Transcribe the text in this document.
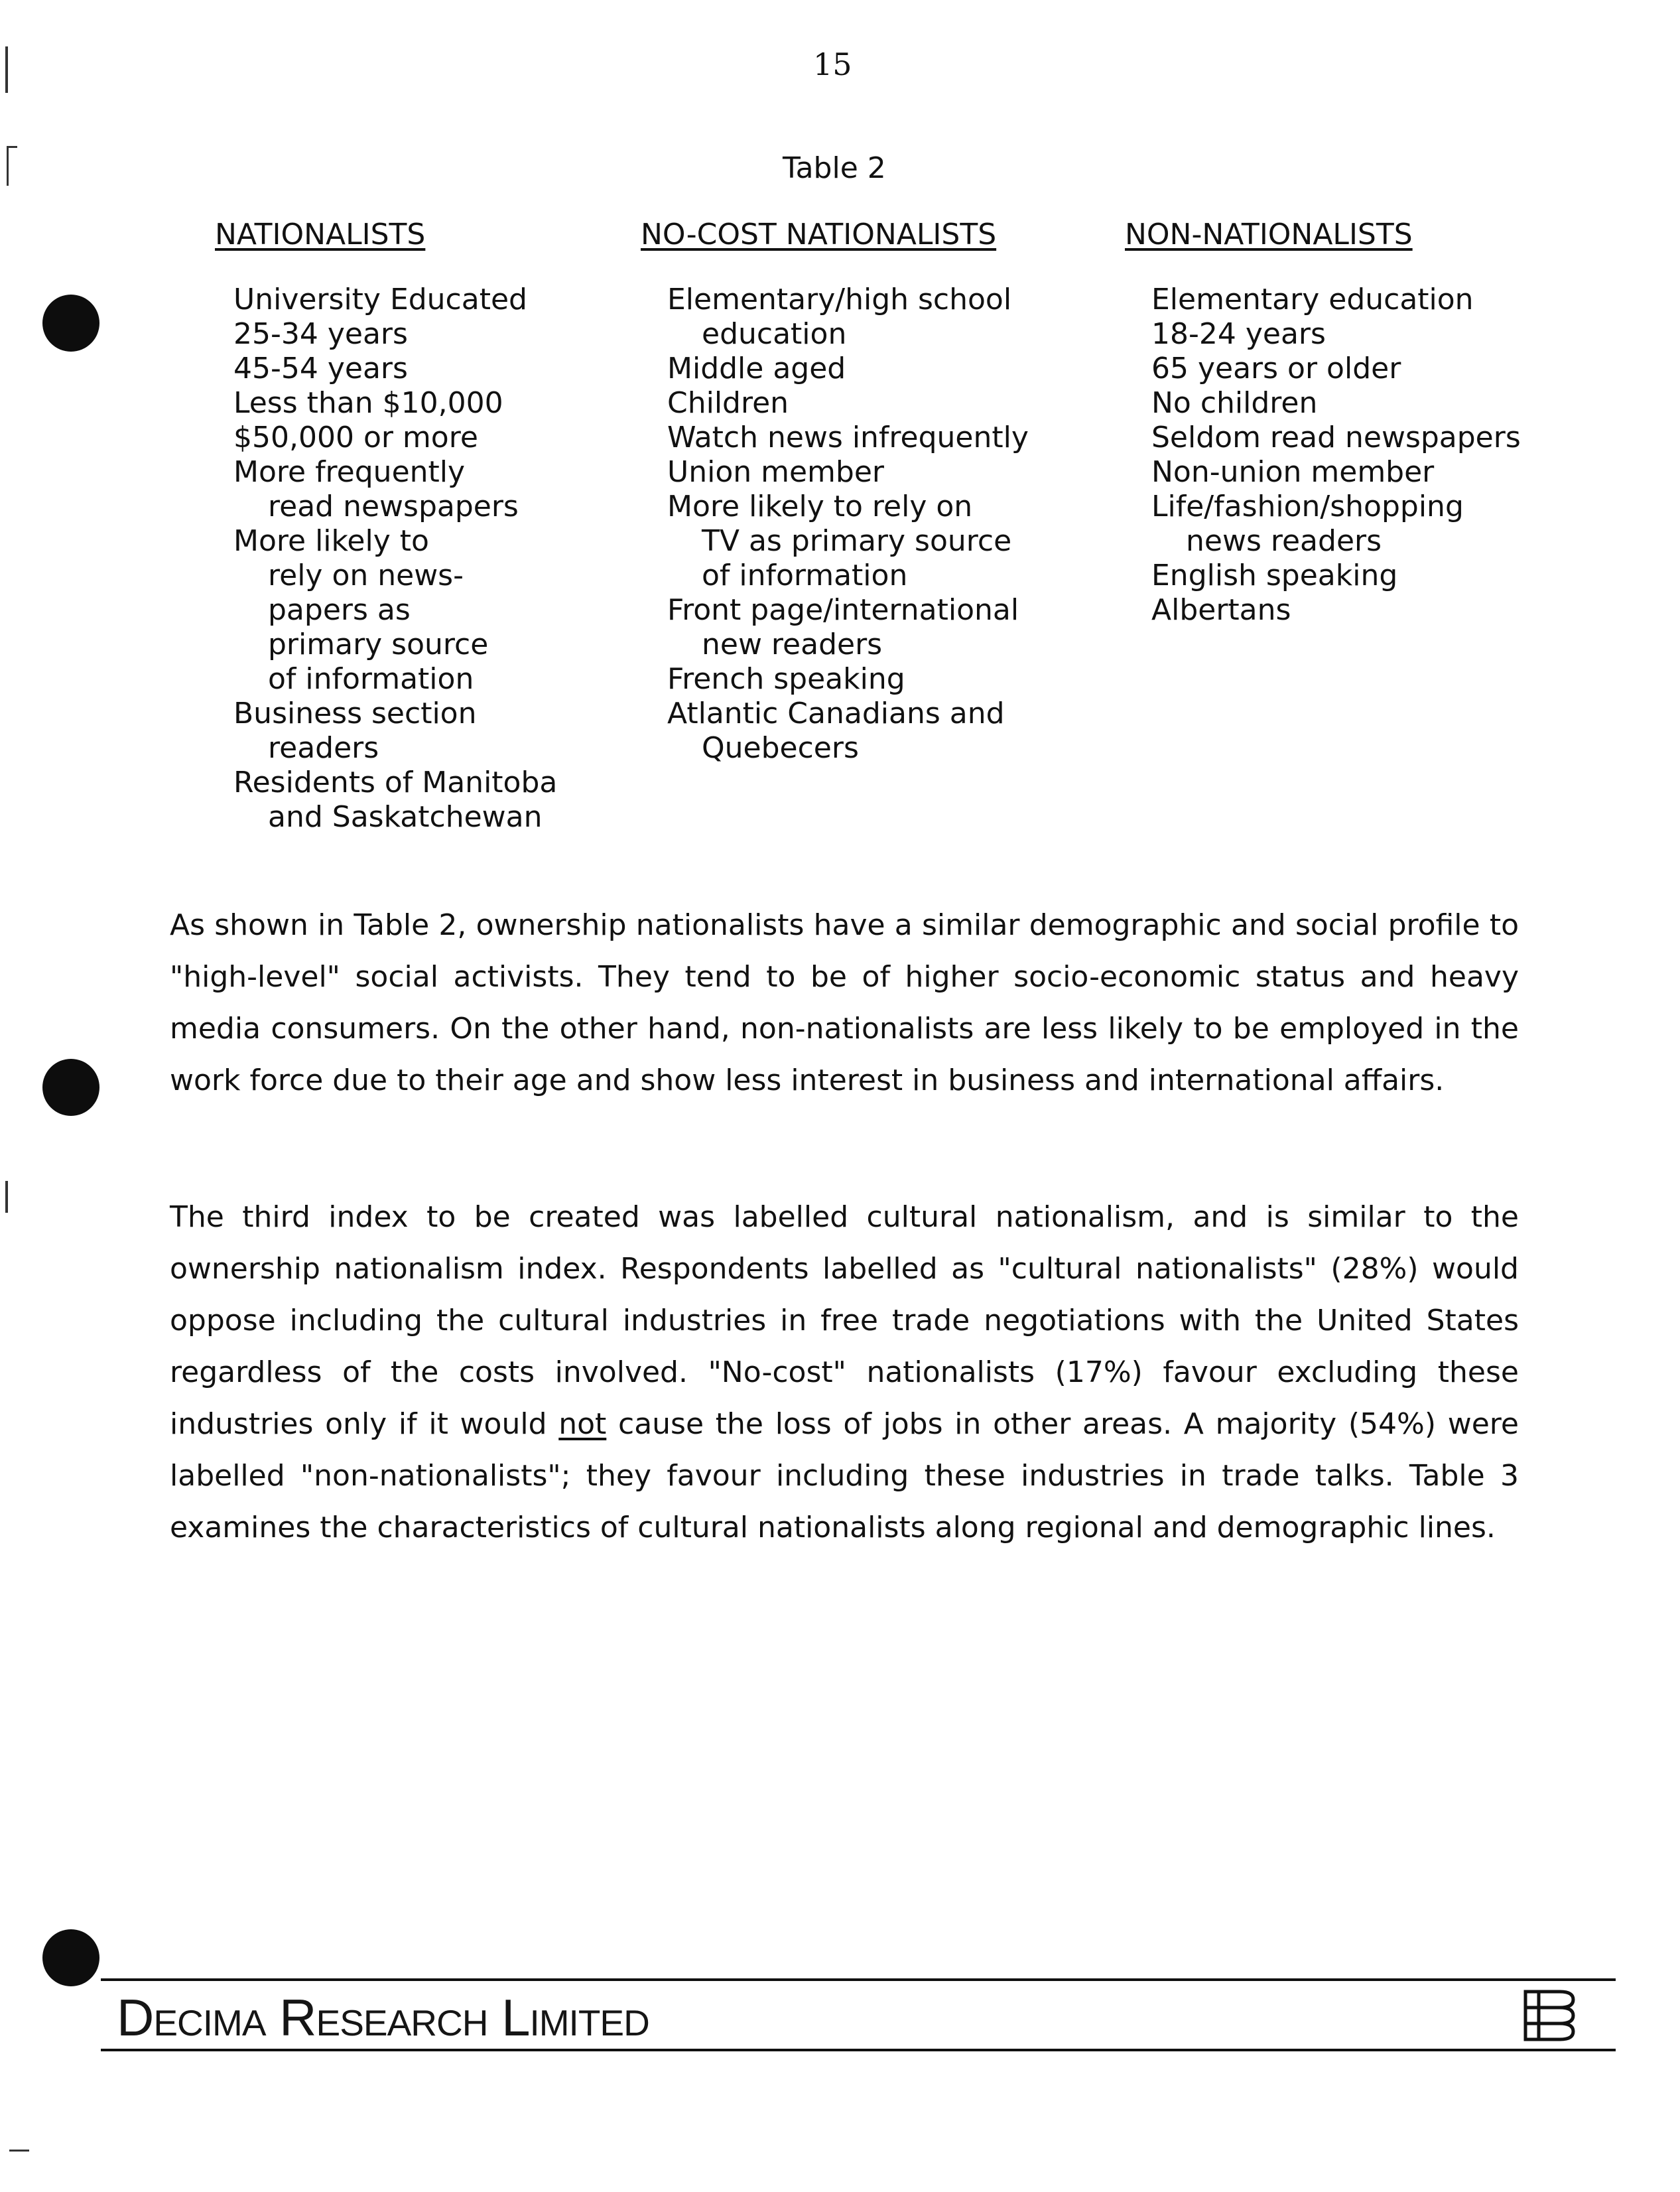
15
Table 2
NATIONALISTS
University Educated
25-34 years
45-54 years
Less than $10,000
$50,000 or more
More frequently
read newspapers
More likely to
rely on news-
papers as
primary source
of information
Business section
readers
Residents of Manitoba
and Saskatchewan
NO-COST NATIONALISTS
Elementary/high school
education
Middle aged
Children
Watch news infrequently
Union member
More likely to rely on
TV as primary source
of information
Front page/international
new readers
French speaking
Atlantic Canadians and
Quebecers
NON-NATIONALISTS
Elementary education
18-24 years
65 years or older
No children
Seldom read newspapers
Non-union member
Life/fashion/shopping
news readers
English speaking
Albertans

As shown in Table 2, ownership nationalists have a similar demographic and social profile to "high-level" social activists. They tend to be of higher socio-economic status and heavy media consumers. On the other hand, non-nationalists are less likely to be employed in the work force due to their age and show less interest in business and international affairs.

The third index to be created was labelled cultural nationalism, and is similar to the ownership nationalism index. Respondents labelled as "cultural nationalists" (28%) would oppose including the cultural industries in free trade negotiations with the United States regardless of the costs involved. "No-cost" nationalists (17%) favour excluding these industries only if it would not cause the loss of jobs in other areas. A majority (54%) were labelled "non-nationalists"; they favour including these industries in trade talks. Table 3 examines the characteristics of cultural nationalists along regional and demographic lines.

Decima Research Limited
